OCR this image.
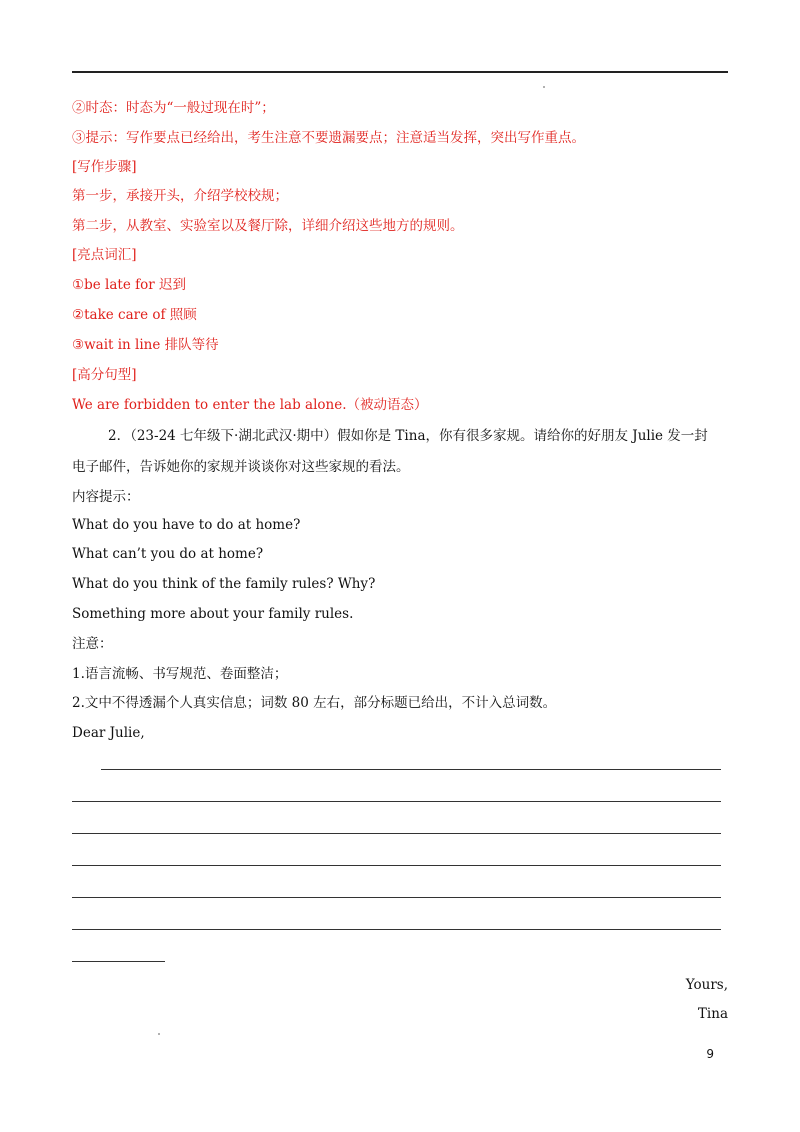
②时态：时态为“一般过现在时”；
③提示：写作要点已经给出，考生注意不要遗漏要点；注意适当发挥，突出写作重点。
[写作步骤]
第一步，承接开头，介绍学校校规；
第二步，从教室、实验室以及餐厅除，详细介绍这些地方的规则。
[亮点词汇]
①be late for 迟到
②take care of 照顾
③wait in line 排队等待
[高分句型]
We are forbidden to enter the lab alone.（被动语态）
2．（23-24 七年级下·湖北武汉·期中）假如你是 Tina，你有很多家规。请给你的好朋友 Julie 发一封
电子邮件，告诉她你的家规并谈谈你对这些家规的看法。
内容提示：
What do you have to do at home?
What can’t you do at home?
What do you think of the family rules? Why?
Something more about your family rules.
注意：
1.语言流畅、书写规范、卷面整洁；
2.文中不得透漏个人真实信息；词数 80 左右，部分标题已给出，不计入总词数。
Dear Julie,
Yours,
Tina
9
